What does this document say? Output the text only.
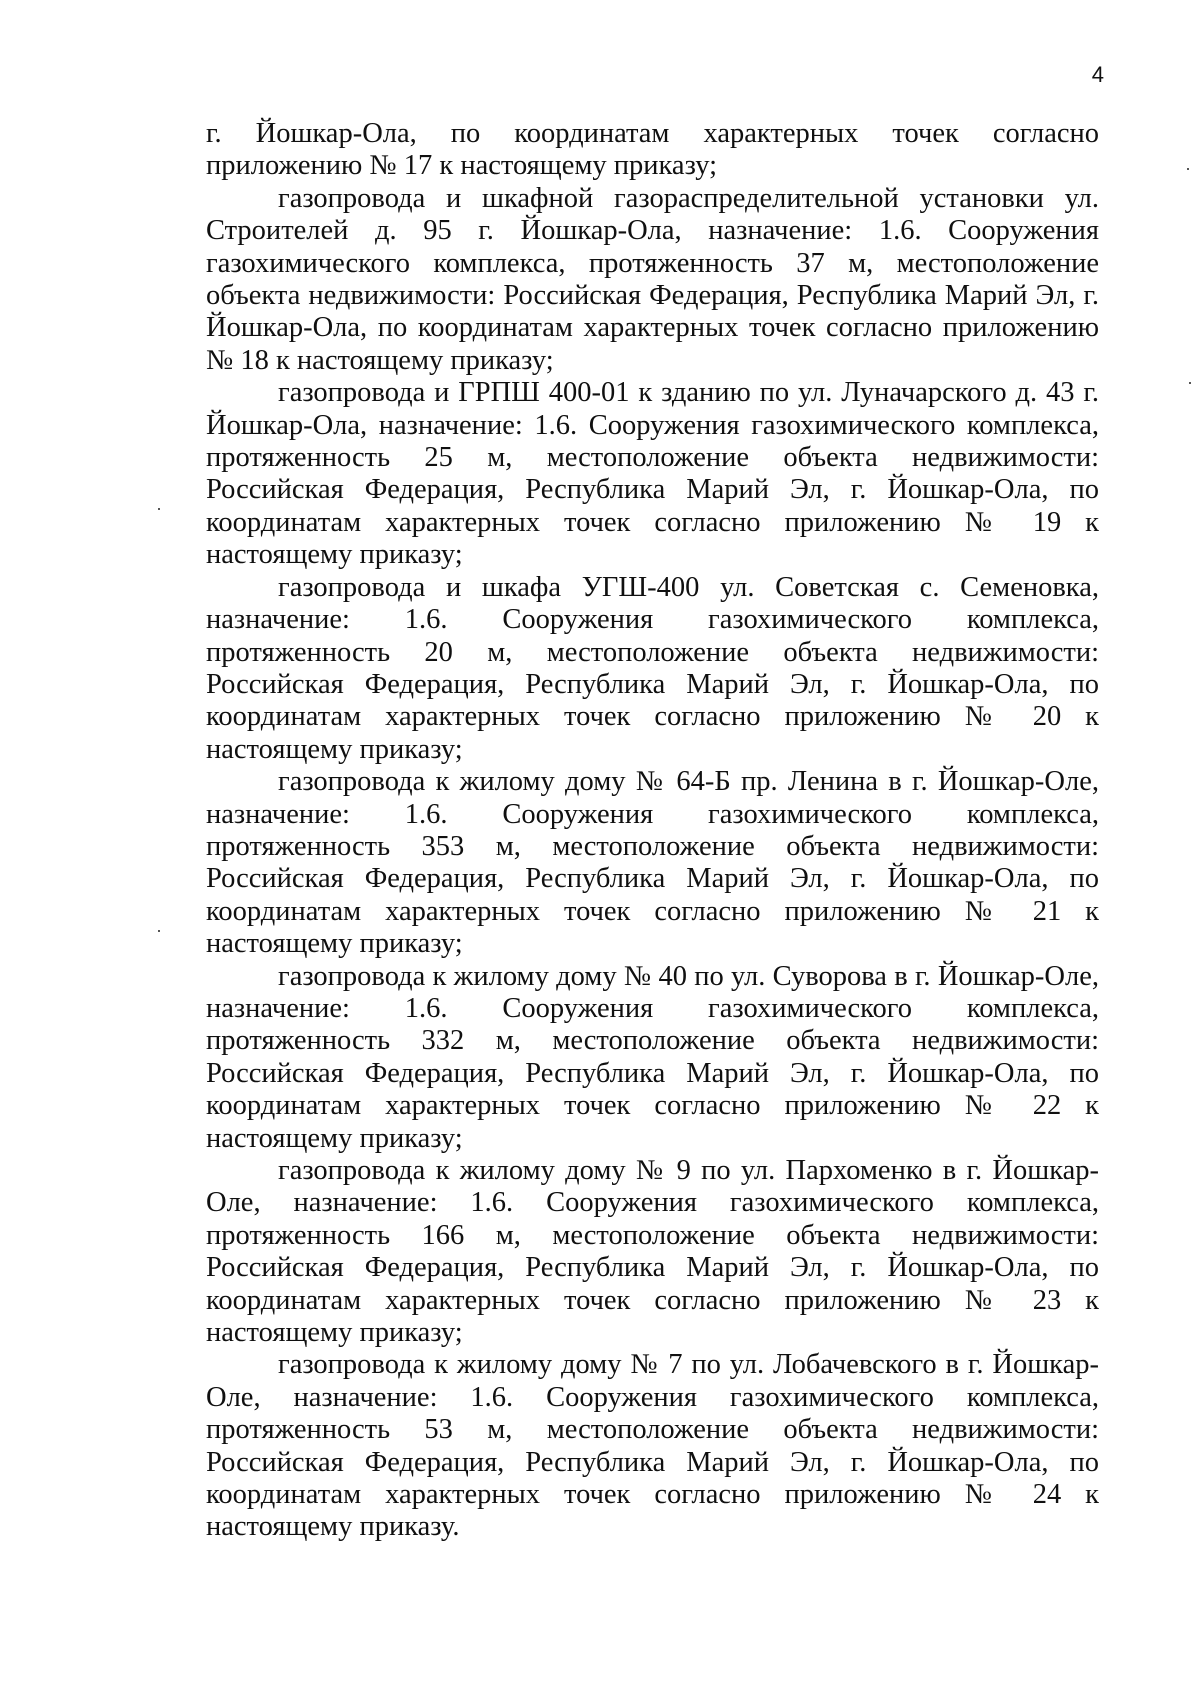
4

г. Йошкар-Ола, по координатам характерных точек согласно приложению № 17 к настоящему приказу;

газопровода и шкафной газораспределительной установки ул. Строителей д. 95 г. Йошкар-Ола, назначение: 1.6. Сооружения газохимического комплекса, протяженность 37 м, местоположение объекта недвижимости: Российская Федерация, Республика Марий Эл, г. Йошкар-Ола, по координатам характерных точек согласно приложению № 18 к настоящему приказу;

газопровода и ГРПШ 400-01 к зданию по ул. Луначарского д. 43 г. Йошкар-Ола, назначение: 1.6. Сооружения газохимического комплекса, протяженность 25 м, местоположение объекта недвижимости: Российская Федерация, Республика Марий Эл, г. Йошкар-Ола, по координатам характерных точек согласно приложению № 19 к настоящему приказу;

газопровода и шкафа УГШ-400 ул. Советская с. Семеновка, назначение: 1.6. Сооружения газохимического комплекса, протяженность 20 м, местоположение объекта недвижимости: Российская Федерация, Республика Марий Эл, г. Йошкар-Ола, по координатам характерных точек согласно приложению № 20 к настоящему приказу;

газопровода к жилому дому № 64-Б пр. Ленина в г. Йошкар-Оле, назначение: 1.6. Сооружения газохимического комплекса, протяженность 353 м, местоположение объекта недвижимости: Российская Федерация, Республика Марий Эл, г. Йошкар-Ола, по координатам характерных точек согласно приложению № 21 к настоящему приказу;

газопровода к жилому дому № 40 по ул. Суворова в г. Йошкар-Оле, назначение: 1.6. Сооружения газохимического комплекса, протяженность 332 м, местоположение объекта недвижимости: Российская Федерация, Республика Марий Эл, г. Йошкар-Ола, по координатам характерных точек согласно приложению № 22 к настоящему приказу;

газопровода к жилому дому № 9 по ул. Пархоменко в г. Йошкар-Оле, назначение: 1.6. Сооружения газохимического комплекса, протяженность 166 м, местоположение объекта недвижимости: Российская Федерация, Республика Марий Эл, г. Йошкар-Ола, по координатам характерных точек согласно приложению № 23 к настоящему приказу;

газопровода к жилому дому № 7 по ул. Лобачевского в г. Йошкар-Оле, назначение: 1.6. Сооружения газохимического комплекса, протяженность 53 м, местоположение объекта недвижимости: Российская Федерация, Республика Марий Эл, г. Йошкар-Ола, по координатам характерных точек согласно приложению № 24 к настоящему приказу.
